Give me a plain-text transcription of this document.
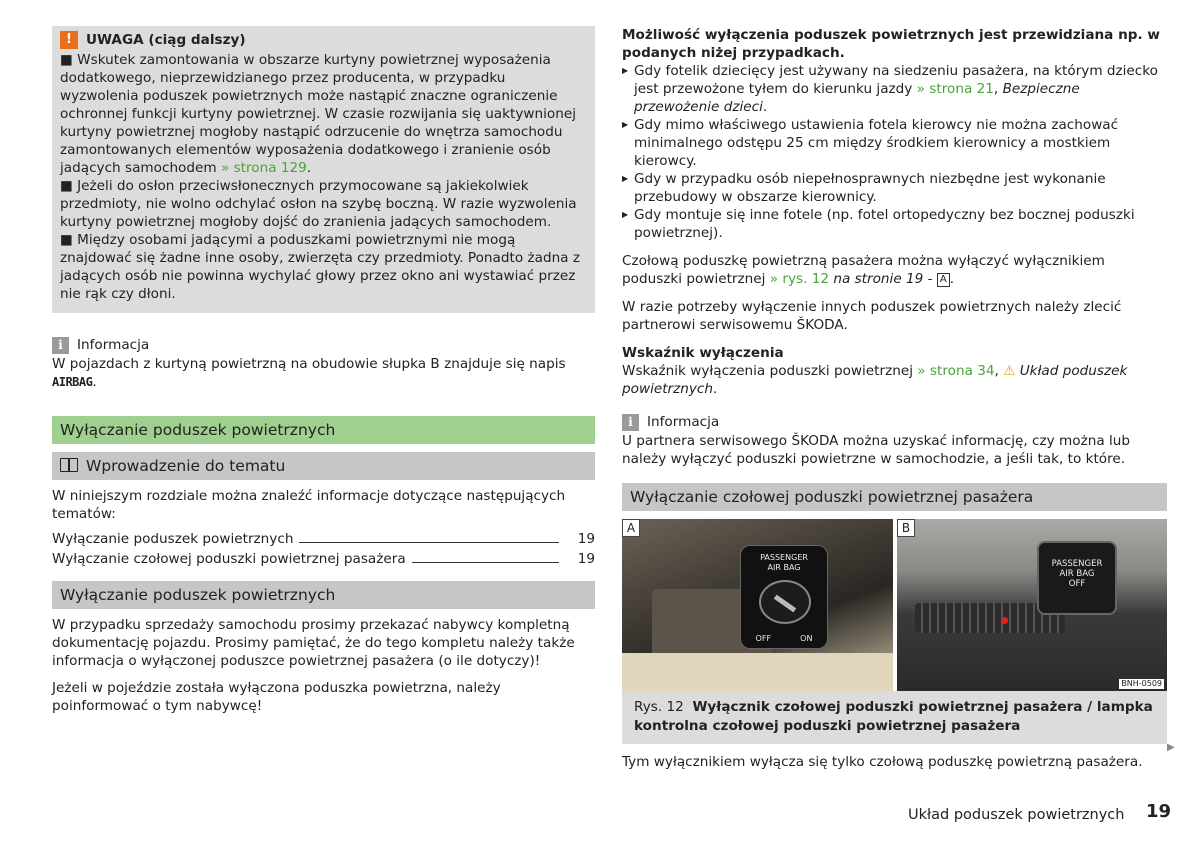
!	UWAGA (ciąg dalszy)

■ Wskutek zamontowania w obszarze kurtyny powietrznej wyposażenia dodatkowego, nieprzewidzianego przez producenta, w przypadku wyzwolenia poduszek powietrznych może nastąpić znaczne ograniczenie ochronnej funkcji kurtyny powietrznej. W czasie rozwijania się uaktywnionej kurtyny powietrznej mogłoby nastąpić odrzucenie do wnętrza samochodu zamontowanych elementów wyposażenia dodatkowego i zranienie osób jadących samochodem » strona 129.

■ Jeżeli do osłon przeciwsłonecznych przymocowane są jakiekolwiek przedmioty, nie wolno odchylać osłon na szybę boczną. W razie wyzwolenia kurtyny powietrznej mogłoby dojść do zranienia jadących samochodem.

■ Między osobami jadącymi a poduszkami powietrznymi nie mogą znajdować się żadne inne osoby, zwierzęta czy przedmioty. Ponadto żadna z jadących osób nie powinna wychylać głowy przez okno ani wystawiać przez nie rąk czy dłoni.

i	Informacja

W pojazdach z kurtyną powietrzną na obudowie słupka B znajduje się napis AIRBAG.

Wyłączanie poduszek powietrznych
Wprowadzenie do tematu

W niniejszym rozdziale można znaleźć informacje dotyczące następujących tematów:

Wyłączanie poduszek powietrznych	19
Wyłączanie czołowej poduszki powietrznej pasażera	19
Wyłączanie poduszek powietrznych

W przypadku sprzedaży samochodu prosimy przekazać nabywcy kompletną dokumentację pojazdu. Prosimy pamiętać, że do tego kompletu należy także informacja o wyłączonej poduszce powietrznej pasażera (o ile dotyczy)!

Jeżeli w pojeździe została wyłączona poduszka powietrzna, należy poinformować o tym nabywcę!

Możliwość wyłączenia poduszek powietrznych jest przewidziana np. w podanych niżej przypadkach.

▶ Gdy fotelik dziecięcy jest używany na siedzeniu pasażera, na którym dziecko jest przewożone tyłem do kierunku jazdy » strona 21, Bezpieczne przewożenie dzieci.
▶ Gdy mimo właściwego ustawienia fotela kierowcy nie można zachować minimalnego odstępu 25 cm między środkiem kierownicy a mostkiem kierowcy.
▶ Gdy w przypadku osób niepełnosprawnych niezbędne jest wykonanie przebudowy w obszarze kierownicy.
▶ Gdy montuje się inne fotele (np. fotel ortopedyczny bez bocznej poduszki powietrznej).

Czołową poduszkę powietrzną pasażera można wyłączyć wyłącznikiem poduszki powietrznej » rys. 12 na stronie 19 - A .

W razie potrzeby wyłączenie innych poduszek powietrznych należy zlecić partnerowi serwisowemu ŠKODA.

Wskaźnik wyłączenia

Wskaźnik wyłączenia poduszki powietrznej » strona 34, ⚠ Układ poduszek powietrznych.

i	Informacja

U partnera serwisowego ŠKODA można uzyskać informację, czy można lub należy wyłączyć poduszki powietrzne w samochodzie, a jeśli tak, to które.

Wyłączanie czołowej poduszki powietrznej pasażera
A
PASSENGER
AIR BAG
OFF	ON
B
PASSENGER
AIR BAG
OFF
BNH-0509
Rys. 12 Wyłącznik czołowej poduszki powietrznej pasażera / lampka kontrolna czołowej poduszki powietrznej pasażera

Tym wyłącznikiem wyłącza się tylko czołową poduszkę powietrzną pasażera.

▶
Układ poduszek powietrznych 19
